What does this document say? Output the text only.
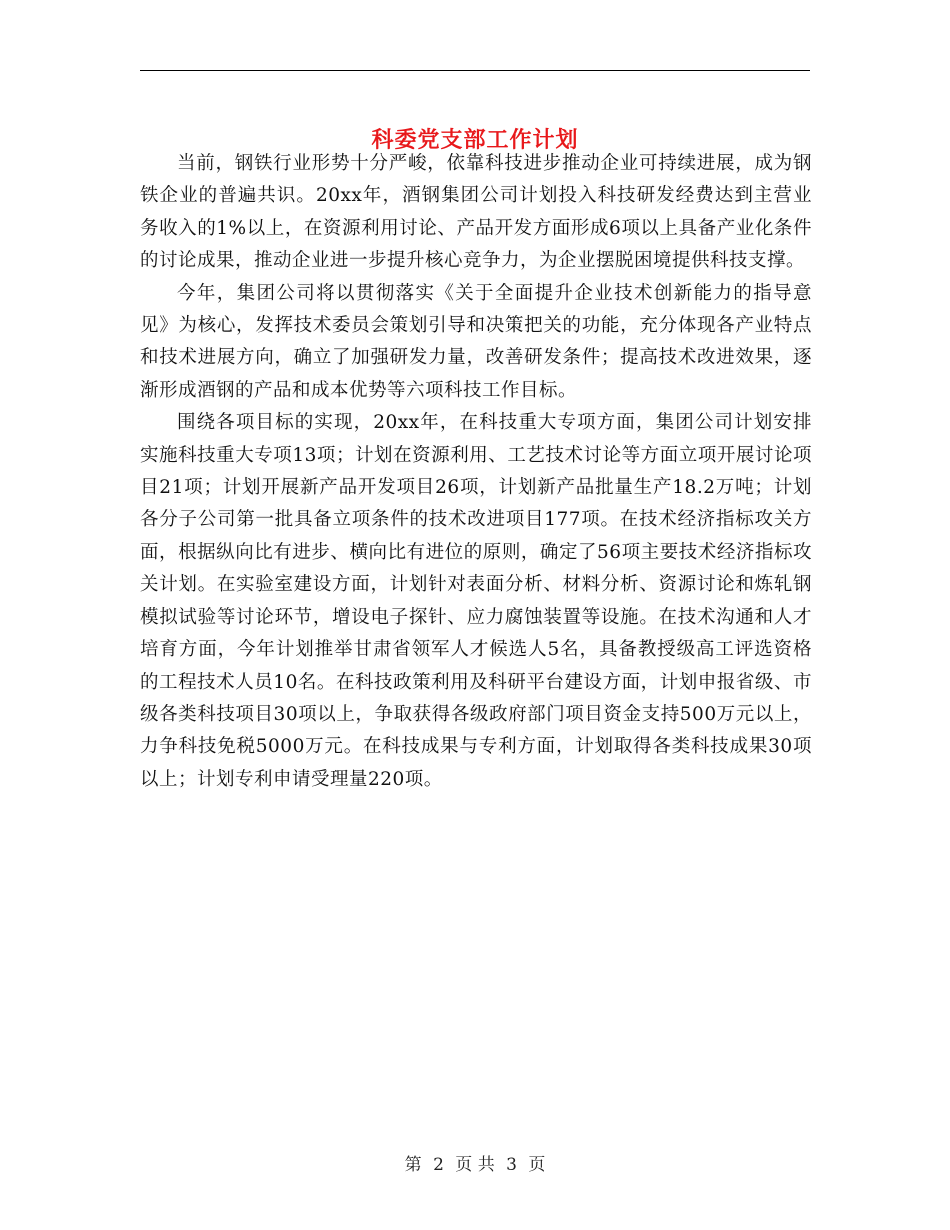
科委党支部工作计划

当前，钢铁行业形势十分严峻，依靠科技进步推动企业可持续进展，成为钢铁企业的普遍共识。20xx年，酒钢集团公司计划投入科技研发经费达到主营业务收入的1%以上，在资源利用讨论、产品开发方面形成6项以上具备产业化条件的讨论成果，推动企业进一步提升核心竞争力，为企业摆脱困境提供科技支撑。

今年，集团公司将以贯彻落实《关于全面提升企业技术创新能力的指导意见》为核心，发挥技术委员会策划引导和决策把关的功能，充分体现各产业特点和技术进展方向，确立了加强研发力量，改善研发条件；提高技术改进效果，逐渐形成酒钢的产品和成本优势等六项科技工作目标。

围绕各项目标的实现，20xx年，在科技重大专项方面，集团公司计划安排实施科技重大专项13项；计划在资源利用、工艺技术讨论等方面立项开展讨论项目21项；计划开展新产品开发项目26项，计划新产品批量生产18.2万吨；计划各分子公司第一批具备立项条件的技术改进项目177项。在技术经济指标攻关方面，根据纵向比有进步、横向比有进位的原则，确定了56项主要技术经济指标攻关计划。在实验室建设方面，计划针对表面分析、材料分析、资源讨论和炼轧钢模拟试验等讨论环节，增设电子探针、应力腐蚀装置等设施。在技术沟通和人才培育方面，今年计划推举甘肃省领军人才候选人5名，具备教授级高工评选资格的工程技术人员10名。在科技政策利用及科研平台建设方面，计划申报省级、市级各类科技项目30项以上，争取获得各级政府部门项目资金支持500万元以上，力争科技免税5000万元。在科技成果与专利方面，计划取得各类科技成果30项以上；计划专利申请受理量220项。

第 2 页 共 3 页
